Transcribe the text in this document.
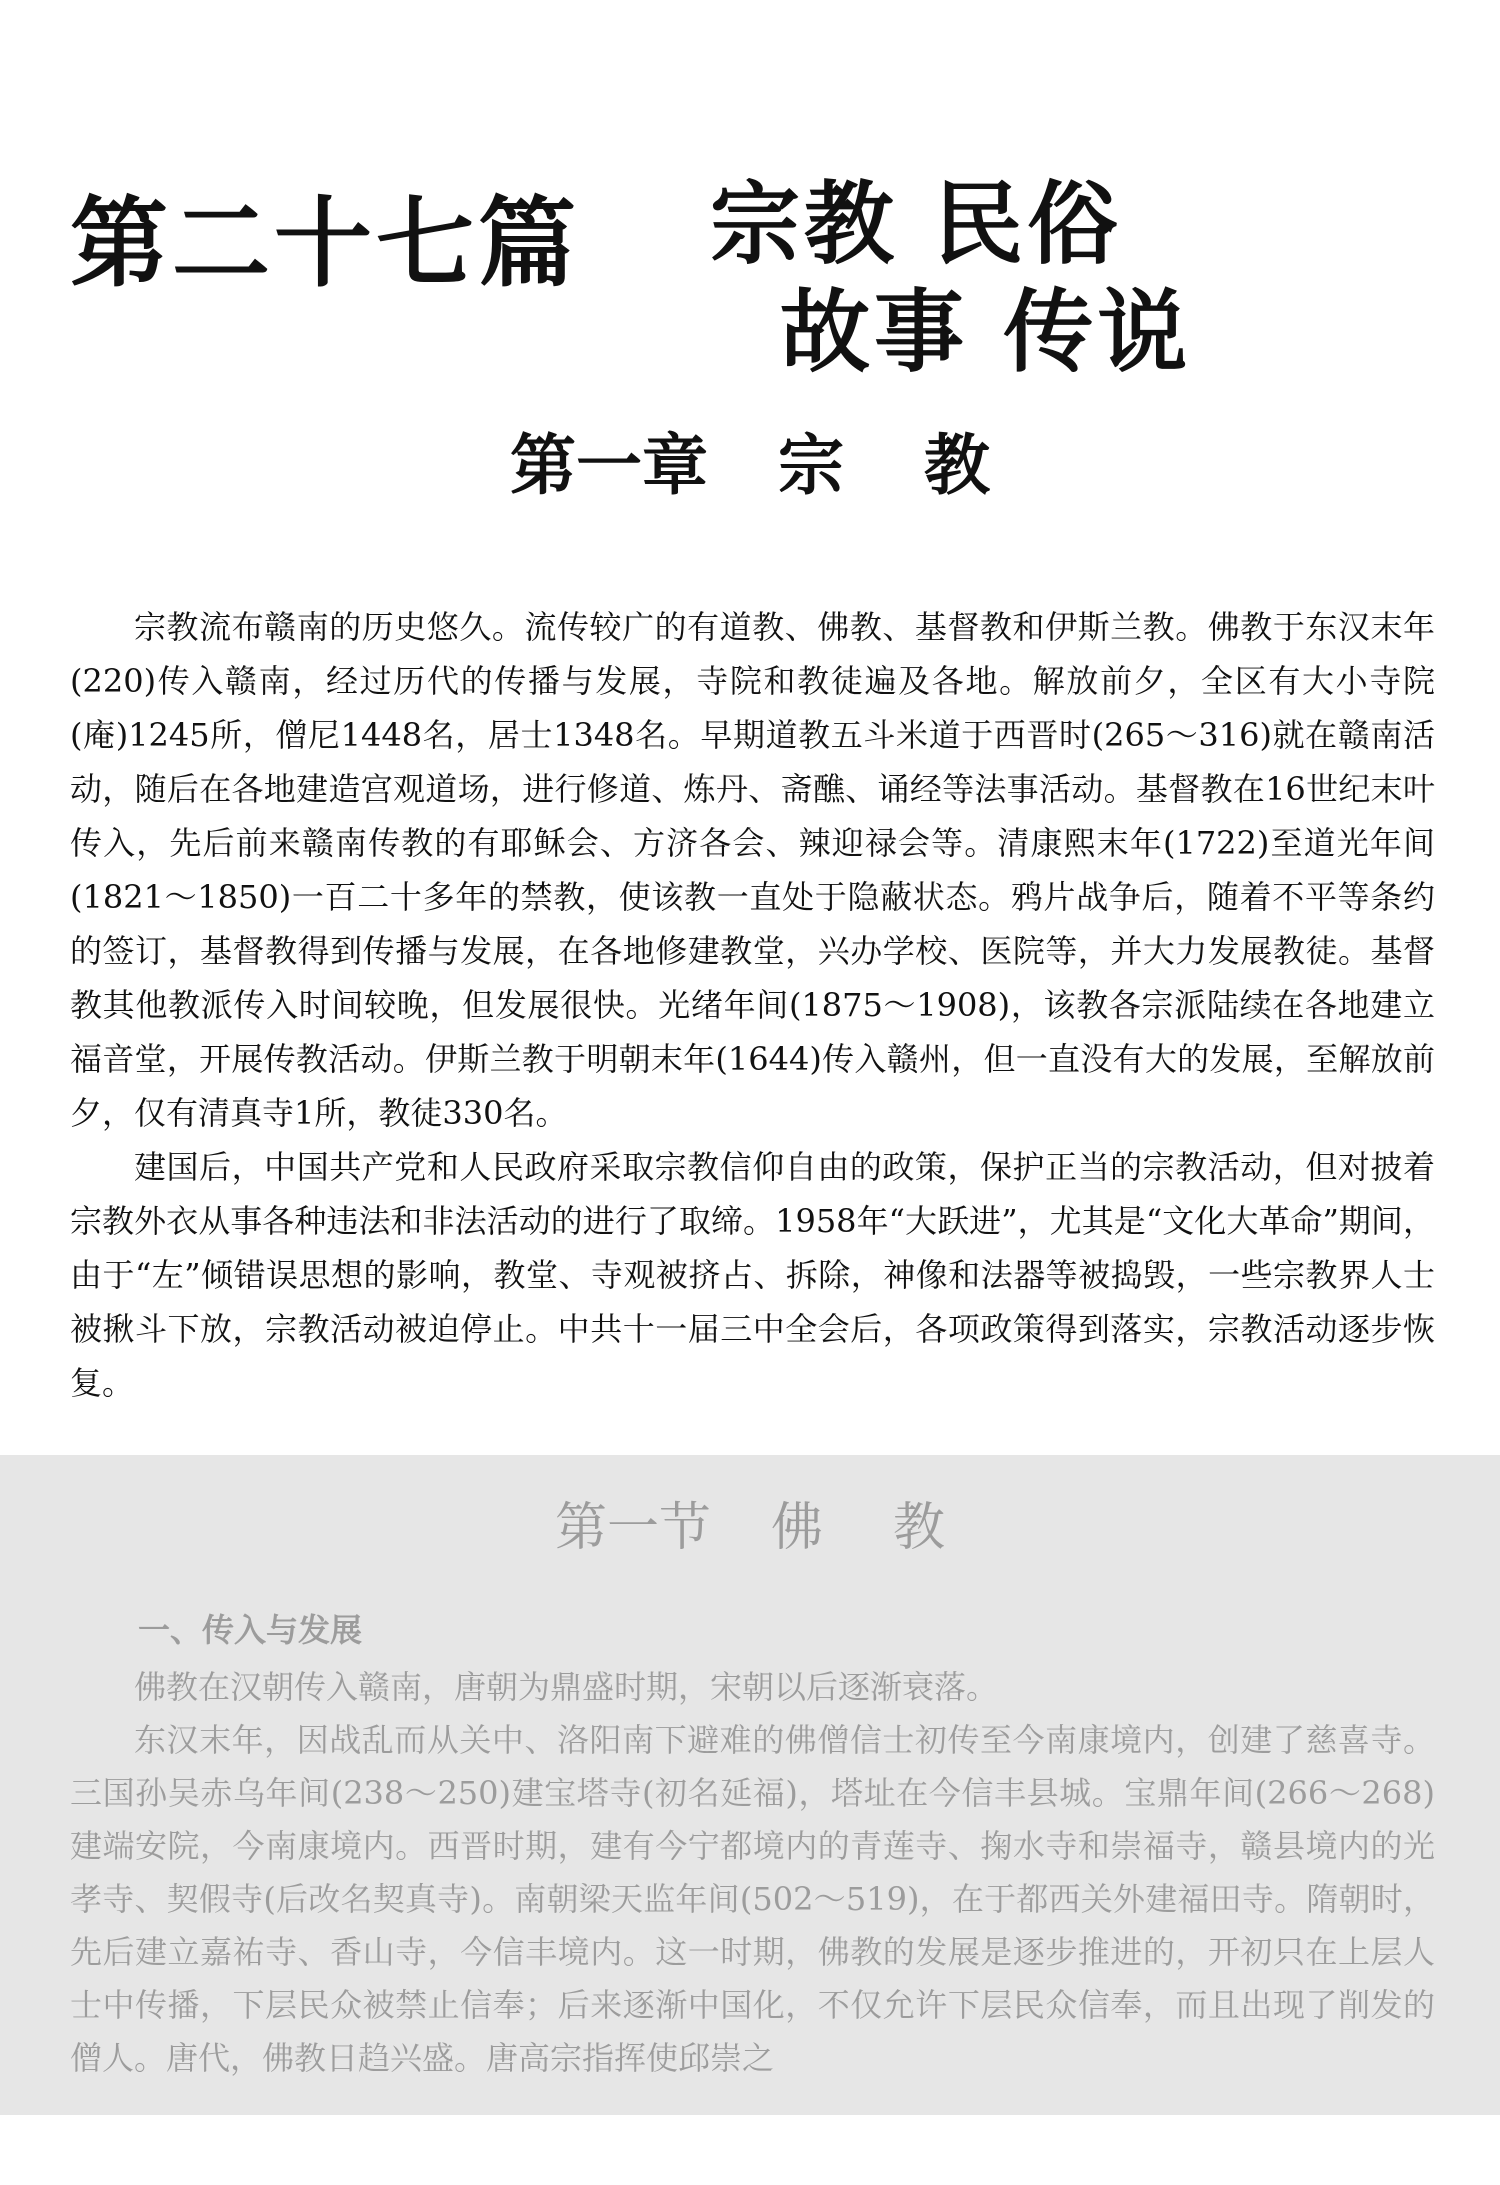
第二十七篇 宗教 民俗
故事 传说
第一章 宗 教

宗教流布赣南的历史悠久。流传较广的有道教、佛教、基督教和伊斯兰教。佛教于东汉末年(220)传入赣南，经过历代的传播与发展，寺院和教徒遍及各地。解放前夕，全区有大小寺院(庵)1245所，僧尼1448名，居士1348名。早期道教五斗米道于西晋时(265～316)就在赣南活动，随后在各地建造宫观道场，进行修道、炼丹、斋醮、诵经等法事活动。基督教在16世纪末叶传入，先后前来赣南传教的有耶稣会、方济各会、辣迎禄会等。清康熙末年(1722)至道光年间(1821～1850)一百二十多年的禁教，使该教一直处于隐蔽状态。鸦片战争后，随着不平等条约的签订，基督教得到传播与发展，在各地修建教堂，兴办学校、医院等，并大力发展教徒。基督教其他教派传入时间较晚，但发展很快。光绪年间(1875～1908)，该教各宗派陆续在各地建立福音堂，开展传教活动。伊斯兰教于明朝末年(1644)传入赣州，但一直没有大的发展，至解放前夕，仅有清真寺1所，教徒330名。

建国后，中国共产党和人民政府采取宗教信仰自由的政策，保护正当的宗教活动，但对披着宗教外衣从事各种违法和非法活动的进行了取缔。1958年“大跃进”，尤其是“文化大革命”期间，由于“左”倾错误思想的影响，教堂、寺观被挤占、拆除，神像和法器等被捣毁，一些宗教界人士被揪斗下放，宗教活动被迫停止。中共十一届三中全会后，各项政策得到落实，宗教活动逐步恢复。

第一节 佛 教
一、传入与发展

佛教在汉朝传入赣南，唐朝为鼎盛时期，宋朝以后逐渐衰落。

东汉末年，因战乱而从关中、洛阳南下避难的佛僧信士初传至今南康境内，创建了慈喜寺。三国孙吴赤乌年间(238～250)建宝塔寺(初名延福)，塔址在今信丰县城。宝鼎年间(266～268)建端安院，今南康境内。西晋时期，建有今宁都境内的青莲寺、掬水寺和崇福寺，赣县境内的光孝寺、契假寺(后改名契真寺)。南朝梁天监年间(502～519)，在于都西关外建福田寺。隋朝时，先后建立嘉祐寺、香山寺，今信丰境内。这一时期，佛教的发展是逐步推进的，开初只在上层人士中传播，下层民众被禁止信奉；后来逐渐中国化，不仅允许下层民众信奉，而且出现了削发的僧人。唐代，佛教日趋兴盛。唐高宗指挥使邱崇之
